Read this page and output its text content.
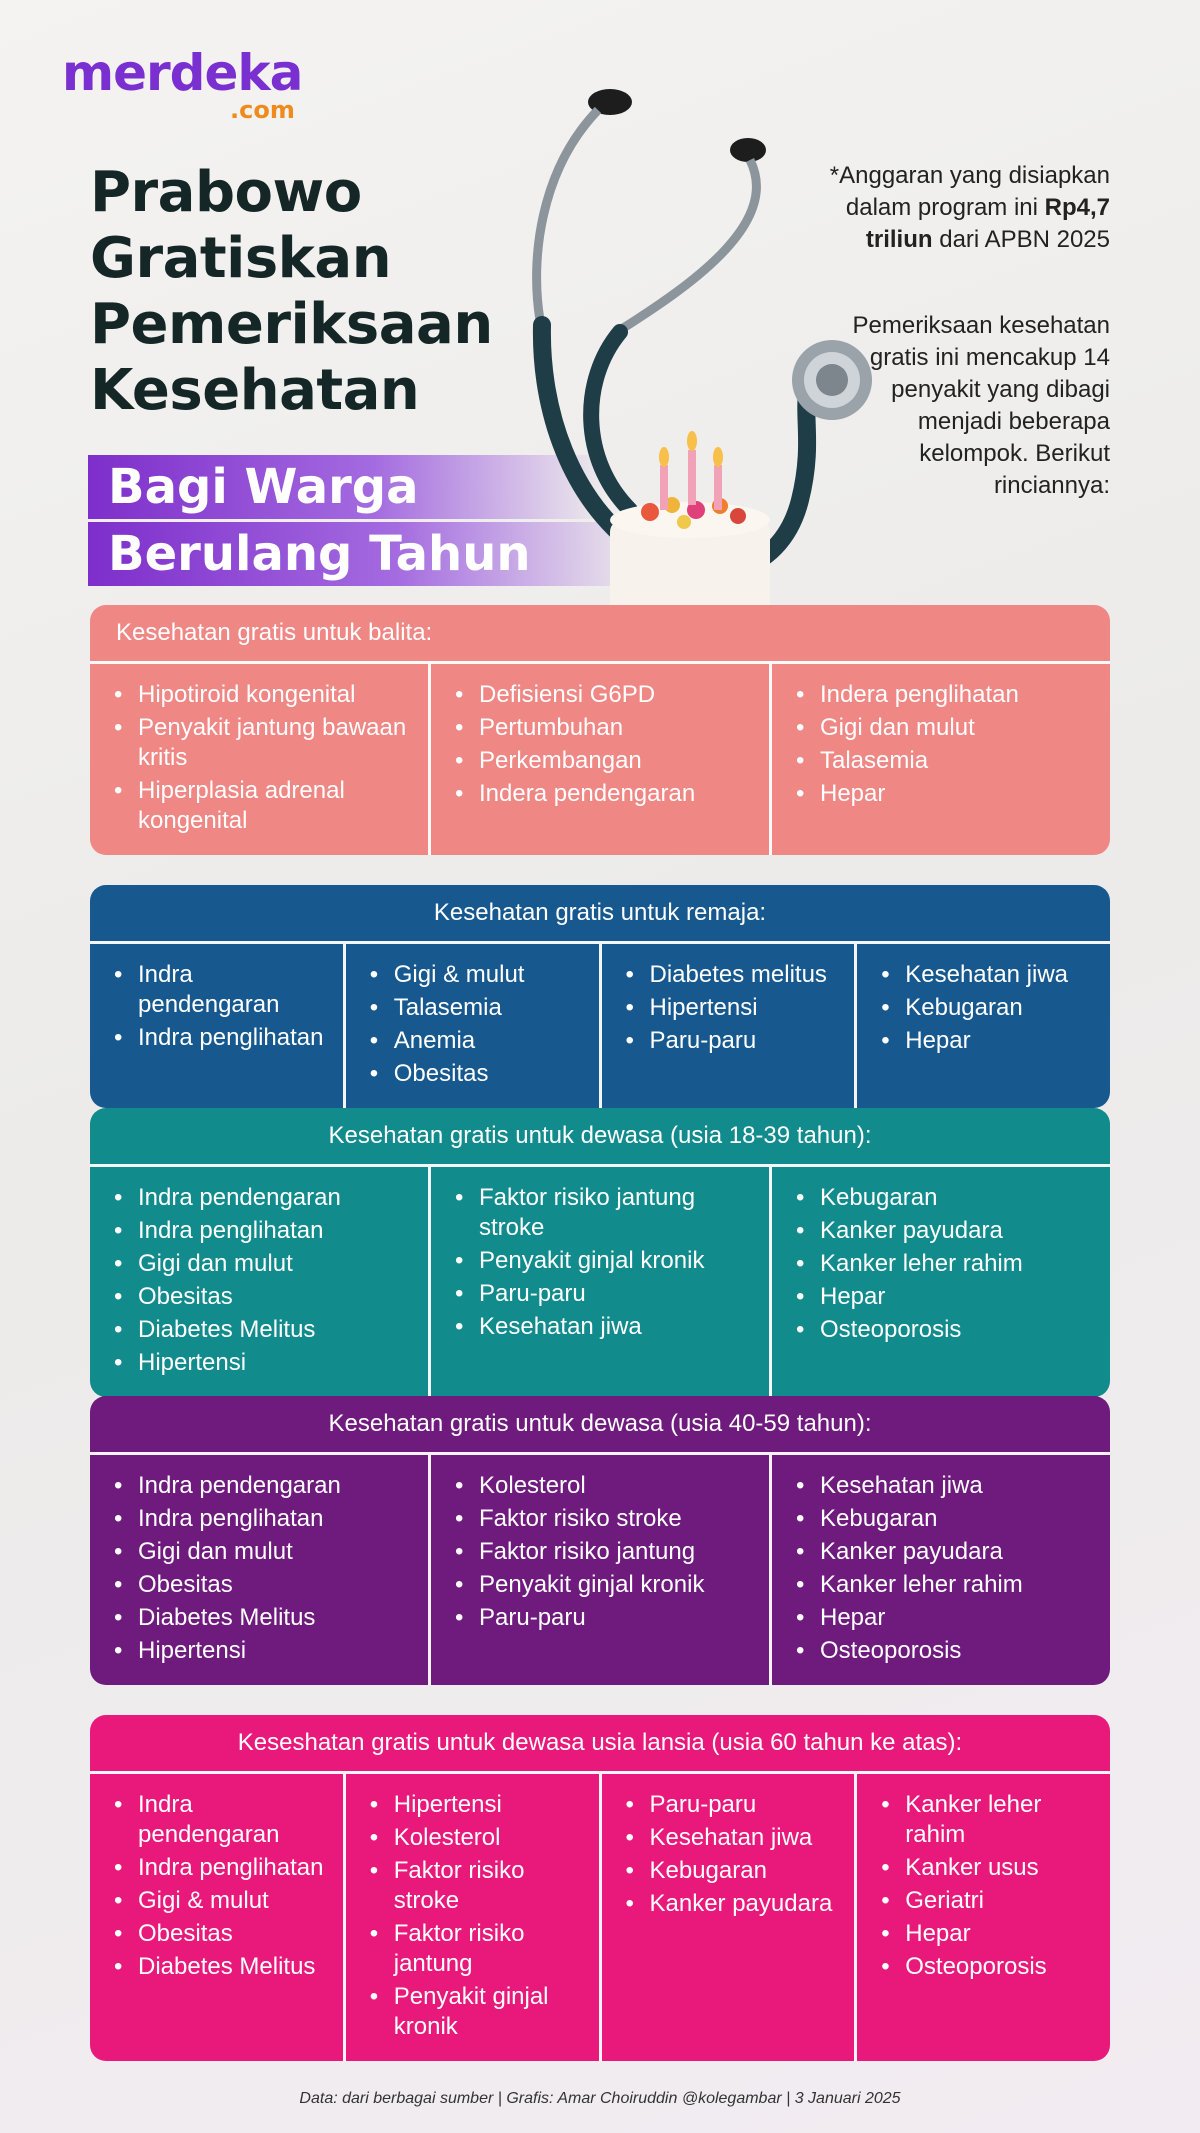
merdeka
.com
Prabowo
Gratiskan
Pemeriksaan
Kesehatan
Bagi Warga
Berulang Tahun
*Anggaran yang disiapkan dalam program ini Rp4,7 triliun dari APBN 2025
Pemeriksaan kesehatan gratis ini mencakup 14 penyakit yang dibagi menjadi beberapa kelompok. Berikut rinciannya:
Kesehatan gratis untuk balita:
• Hipotiroid kongenital
• Penyakit jantung bawaan kritis
• Hiperplasia adrenal kongenital
• Defisiensi G6PD
• Pertumbuhan
• Perkembangan
• Indera pendengaran
• Indera penglihatan
• Gigi dan mulut
• Talasemia
• Hepar
Kesehatan gratis untuk remaja:
• Indra pendengaran
• Indra penglihatan
• Gigi & mulut
• Talasemia
• Anemia
• Obesitas
• Diabetes melitus
• Hipertensi
• Paru-paru
• Kesehatan jiwa
• Kebugaran
• Hepar
Kesehatan gratis untuk dewasa (usia 18-39 tahun):
• Indra pendengaran
• Indra penglihatan
• Gigi dan mulut
• Obesitas
• Diabetes Melitus
• Hipertensi
• Faktor risiko jantung stroke
• Penyakit ginjal kronik
• Paru-paru
• Kesehatan jiwa
• Kebugaran
• Kanker payudara
• Kanker leher rahim
• Hepar
• Osteoporosis
Kesehatan gratis untuk dewasa (usia 40-59 tahun):
• Indra pendengaran
• Indra penglihatan
• Gigi dan mulut
• Obesitas
• Diabetes Melitus
• Hipertensi
• Kolesterol
• Faktor risiko stroke
• Faktor risiko jantung
• Penyakit ginjal kronik
• Paru-paru
• Kesehatan jiwa
• Kebugaran
• Kanker payudara
• Kanker leher rahim
• Hepar
• Osteoporosis
Keseshatan gratis untuk dewasa usia lansia (usia 60 tahun ke atas):
• Indra pendengaran
• Indra penglihatan
• Gigi & mulut
• Obesitas
• Diabetes Melitus
• Hipertensi
• Kolesterol
• Faktor risiko stroke
• Faktor risiko jantung
• Penyakit ginjal kronik
• Paru-paru
• Kesehatan jiwa
• Kebugaran
• Kanker payudara
• Kanker leher rahim
• Kanker usus
• Geriatri
• Hepar
• Osteoporosis
Data: dari berbagai sumber | Grafis: Amar Choiruddin @kolegambar | 3 Januari 2025
